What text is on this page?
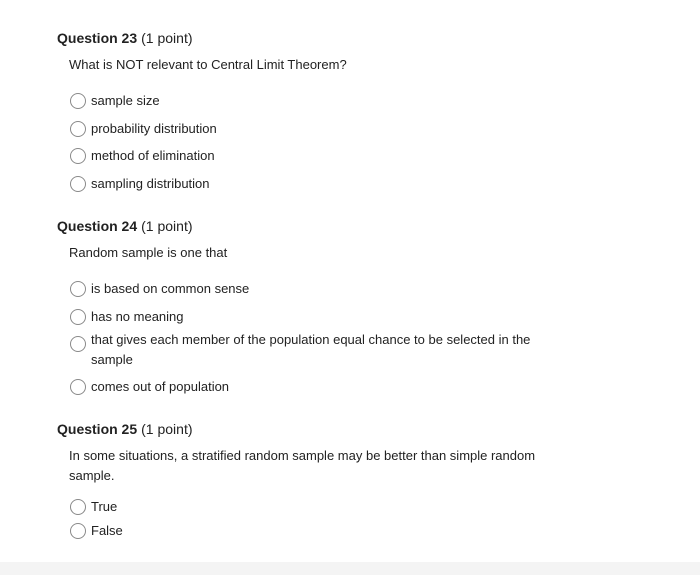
Question 23 (1 point)

What is NOT relevant to Central Limit Theorem?

sample size
probability distribution
method of elimination
sampling distribution

Question 24 (1 point)

Random sample is one that

is based on common sense
has no meaning
that gives each member of the population equal chance to be selected in the sample
comes out of population

Question 25 (1 point)

In some situations, a stratified random sample may be better than simple random sample.

True
False
